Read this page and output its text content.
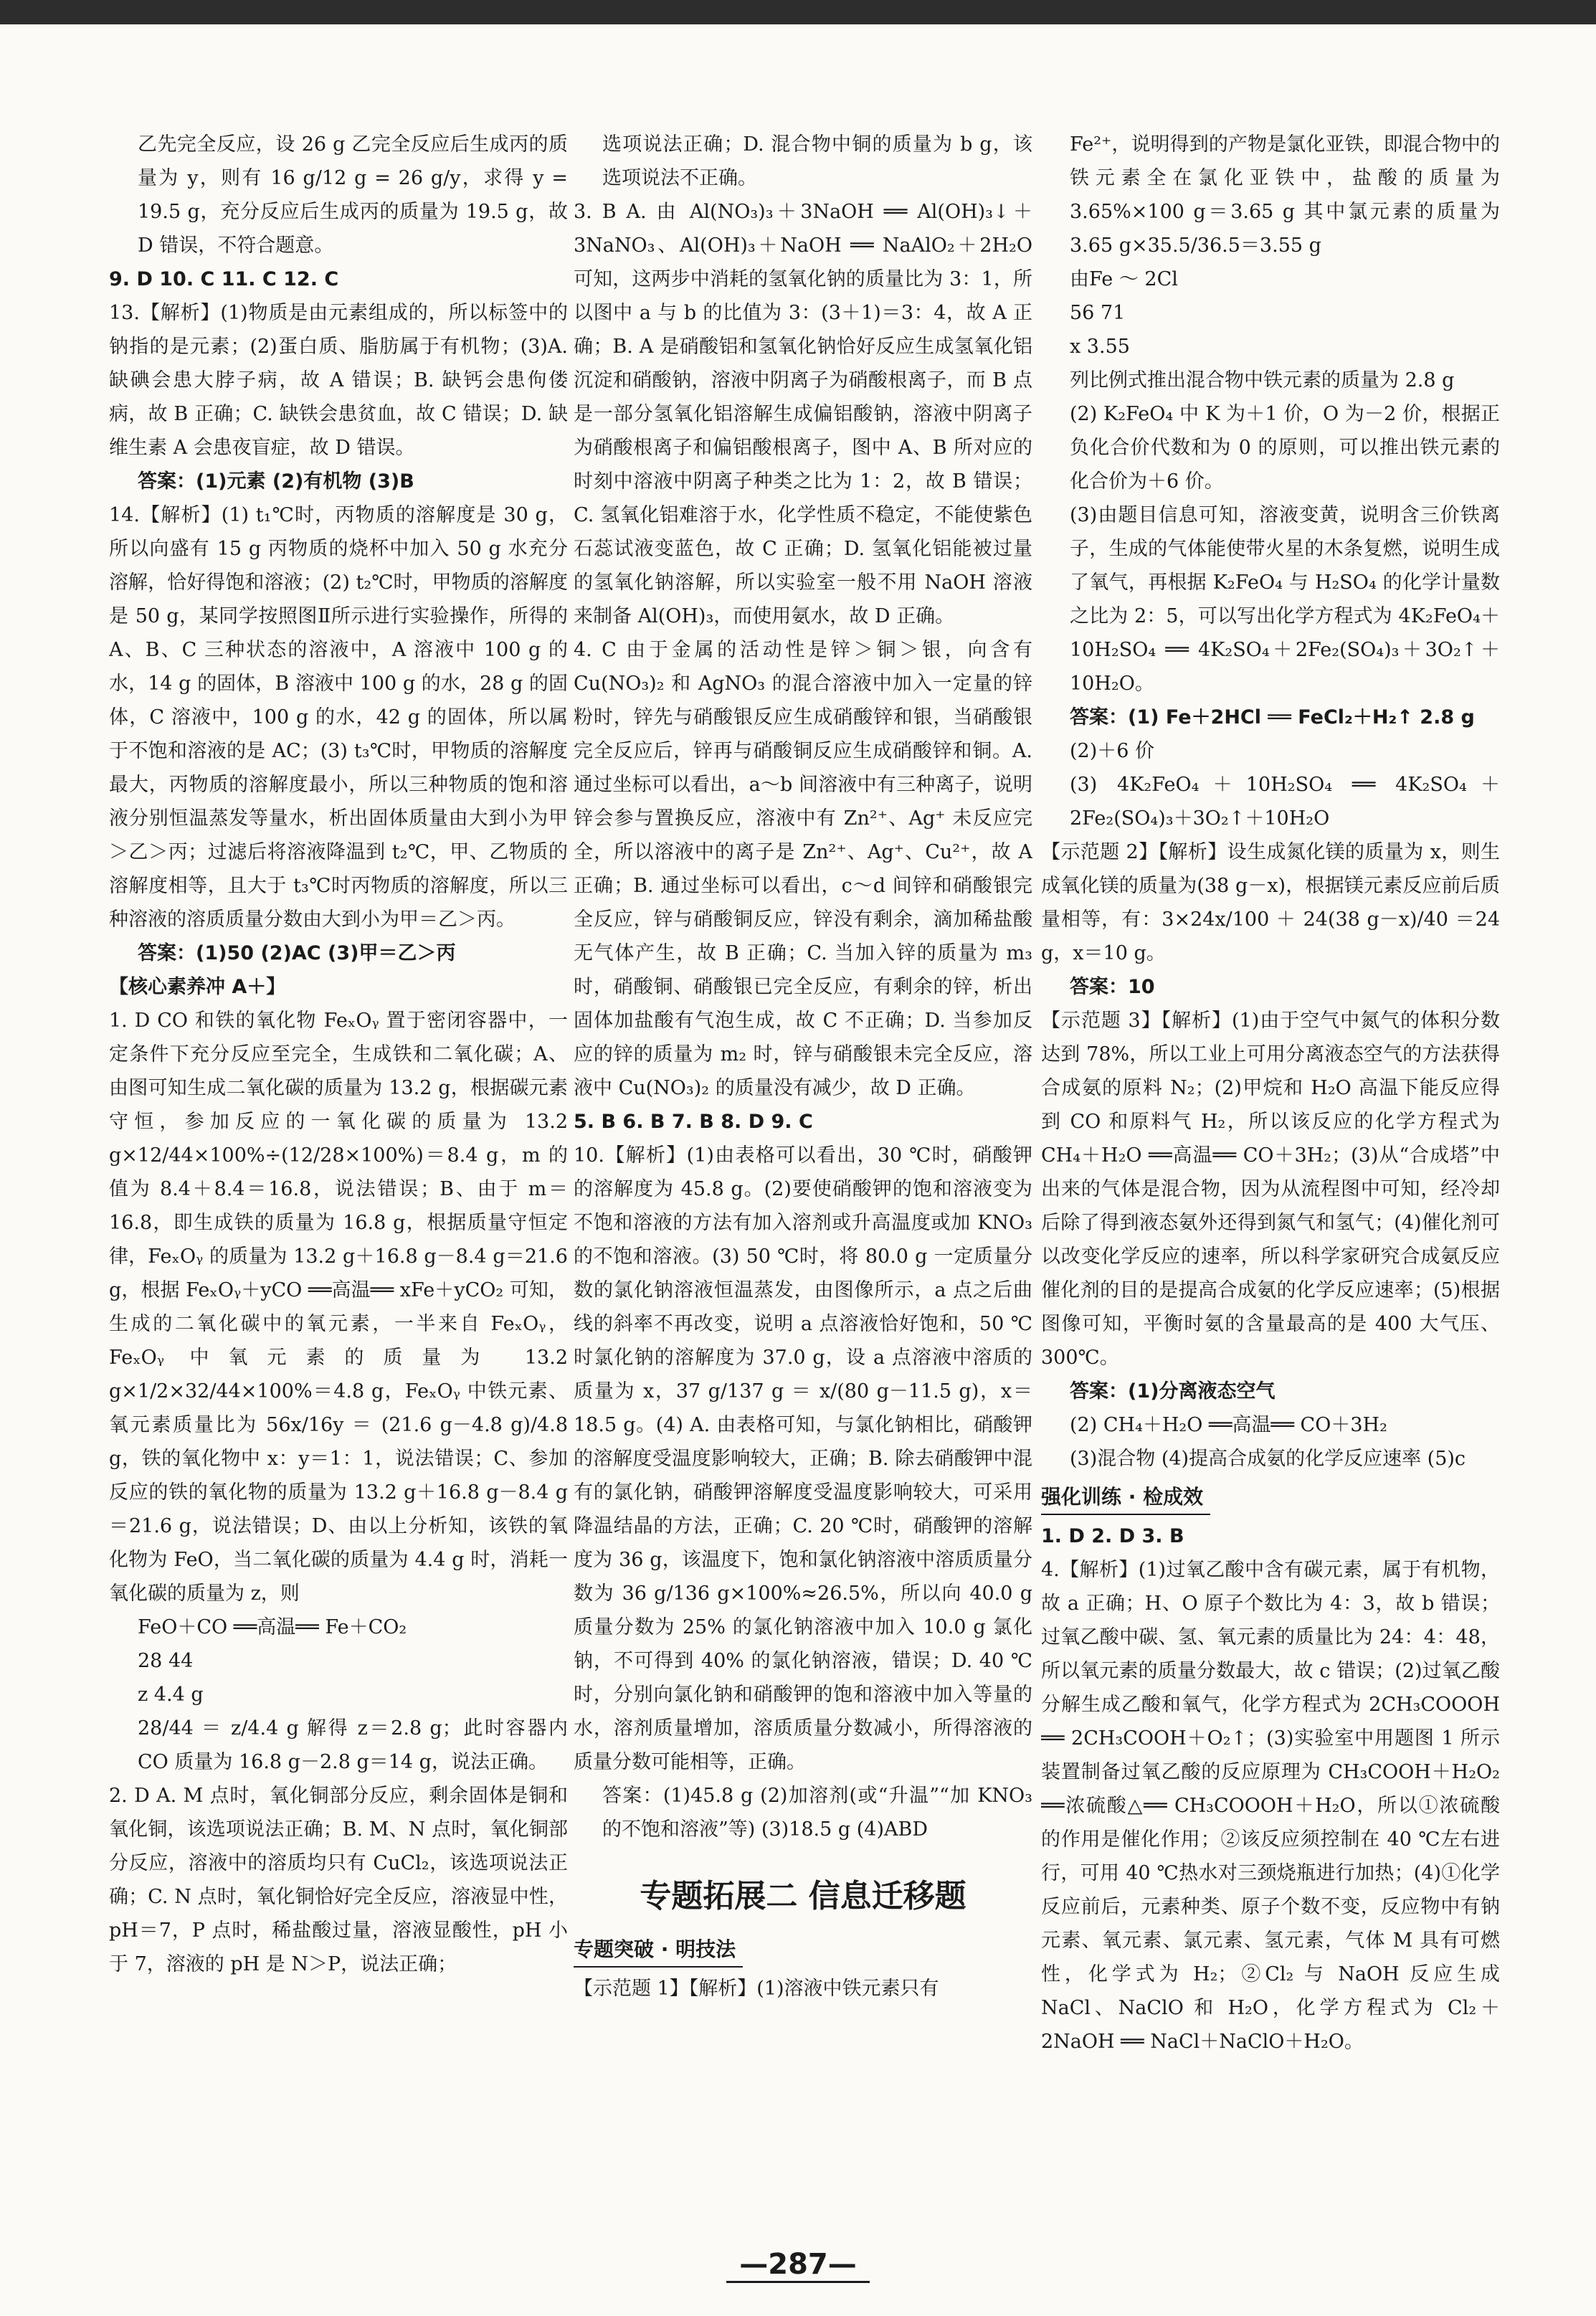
乙先完全反应，设 26 g 乙完全反应后生成丙的质量为 y，则有 16 g/12 g = 26 g/y，求得 y = 19.5 g，充分反应后生成丙的质量为 19.5 g，故 D 错误，不符合题意。

9. D 10. C 11. C 12. C

13.【解析】(1)物质是由元素组成的，所以标签中的钠指的是元素；(2)蛋白质、脂肪属于有机物；(3)A. 缺碘会患大脖子病，故 A 错误；B. 缺钙会患佝偻病，故 B 正确；C. 缺铁会患贫血，故 C 错误；D. 缺维生素 A 会患夜盲症，故 D 错误。

答案：(1)元素 (2)有机物 (3)B

14.【解析】(1) t₁℃时，丙物质的溶解度是 30 g，所以向盛有 15 g 丙物质的烧杯中加入 50 g 水充分溶解，恰好得饱和溶液；(2) t₂℃时，甲物质的溶解度是 50 g，某同学按照图Ⅱ所示进行实验操作，所得的 A、B、C 三种状态的溶液中，A 溶液中 100 g 的水，14 g 的固体，B 溶液中 100 g 的水，28 g 的固体，C 溶液中，100 g 的水，42 g 的固体，所以属于不饱和溶液的是 AC；(3) t₃℃时，甲物质的溶解度最大，丙物质的溶解度最小，所以三种物质的饱和溶液分别恒温蒸发等量水，析出固体质量由大到小为甲＞乙＞丙；过滤后将溶液降温到 t₂℃，甲、乙物质的溶解度相等，且大于 t₃℃时丙物质的溶解度，所以三种溶液的溶质质量分数由大到小为甲＝乙＞丙。

答案：(1)50 (2)AC (3)甲＝乙＞丙

【核心素养冲 A＋】

1. D CO 和铁的氧化物 FeₓOᵧ 置于密闭容器中，一定条件下充分反应至完全，生成铁和二氧化碳；A、由图可知生成二氧化碳的质量为 13.2 g，根据碳元素守恒，参加反应的一氧化碳的质量为 13.2 g×12/44×100%÷(12/28×100%)＝8.4 g，m 的值为 8.4＋8.4＝16.8，说法错误；B、由于 m＝16.8，即生成铁的质量为 16.8 g，根据质量守恒定律，FeₓOᵧ 的质量为 13.2 g＋16.8 g－8.4 g＝21.6 g，根据 FeₓOᵧ＋yCO ══高温══ xFe＋yCO₂ 可知，生成的二氧化碳中的氧元素，一半来自 FeₓOᵧ，FeₓOᵧ 中氧元素的质量为 13.2 g×1/2×32/44×100%＝4.8 g，FeₓOᵧ 中铁元素、氧元素质量比为 56x/16y ＝ (21.6 g－4.8 g)/4.8 g，铁的氧化物中 x：y＝1：1，说法错误；C、参加反应的铁的氧化物的质量为 13.2 g＋16.8 g－8.4 g＝21.6 g，说法错误；D、由以上分析知，该铁的氧化物为 FeO，当二氧化碳的质量为 4.4 g 时，消耗一氧化碳的质量为 z，则

FeO＋CO ══高温══ Fe＋CO₂

28 44

z 4.4 g

28/44 ＝ z/4.4 g 解得 z＝2.8 g；此时容器内 CO 质量为 16.8 g－2.8 g＝14 g，说法正确。

2. D A. M 点时，氧化铜部分反应，剩余固体是铜和氧化铜，该选项说法正确；B. M、N 点时，氧化铜部分反应，溶液中的溶质均只有 CuCl₂，该选项说法正确；C. N 点时，氧化铜恰好完全反应，溶液显中性，pH＝7，P 点时，稀盐酸过量，溶液显酸性，pH 小于 7，溶液的 pH 是 N＞P，说法正确；

选项说法正确；D. 混合物中铜的质量为 b g，该选项说法不正确。

3. B A. 由 Al(NO₃)₃＋3NaOH ══ Al(OH)₃↓＋3NaNO₃、Al(OH)₃＋NaOH ══ NaAlO₂＋2H₂O 可知，这两步中消耗的氢氧化钠的质量比为 3：1，所以图中 a 与 b 的比值为 3：(3＋1)＝3：4，故 A 正确；B. A 是硝酸铝和氢氧化钠恰好反应生成氢氧化铝沉淀和硝酸钠，溶液中阴离子为硝酸根离子，而 B 点是一部分氢氧化铝溶解生成偏铝酸钠，溶液中阴离子为硝酸根离子和偏铝酸根离子，图中 A、B 所对应的时刻中溶液中阴离子种类之比为 1：2，故 B 错误；C. 氢氧化铝难溶于水，化学性质不稳定，不能使紫色石蕊试液变蓝色，故 C 正确；D. 氢氧化铝能被过量的氢氧化钠溶解，所以实验室一般不用 NaOH 溶液来制备 Al(OH)₃，而使用氨水，故 D 正确。

4. C 由于金属的活动性是锌＞铜＞银，向含有 Cu(NO₃)₂ 和 AgNO₃ 的混合溶液中加入一定量的锌粉时，锌先与硝酸银反应生成硝酸锌和银，当硝酸银完全反应后，锌再与硝酸铜反应生成硝酸锌和铜。A. 通过坐标可以看出，a～b 间溶液中有三种离子，说明锌会参与置换反应，溶液中有 Zn²⁺、Ag⁺ 未反应完全，所以溶液中的离子是 Zn²⁺、Ag⁺、Cu²⁺，故 A 正确；B. 通过坐标可以看出，c～d 间锌和硝酸银完全反应，锌与硝酸铜反应，锌没有剩余，滴加稀盐酸无气体产生，故 B 正确；C. 当加入锌的质量为 m₃ 时，硝酸铜、硝酸银已完全反应，有剩余的锌，析出固体加盐酸有气泡生成，故 C 不正确；D. 当参加反应的锌的质量为 m₂ 时，锌与硝酸银未完全反应，溶液中 Cu(NO₃)₂ 的质量没有减少，故 D 正确。

5. B 6. B 7. B 8. D 9. C

10.【解析】(1)由表格可以看出，30 ℃时，硝酸钾的溶解度为 45.8 g。(2)要使硝酸钾的饱和溶液变为不饱和溶液的方法有加入溶剂或升高温度或加 KNO₃ 的不饱和溶液。(3) 50 ℃时，将 80.0 g 一定质量分数的氯化钠溶液恒温蒸发，由图像所示，a 点之后曲线的斜率不再改变，说明 a 点溶液恰好饱和，50 ℃时氯化钠的溶解度为 37.0 g，设 a 点溶液中溶质的质量为 x，37 g/137 g ＝ x/(80 g－11.5 g)，x＝18.5 g。(4) A. 由表格可知，与氯化钠相比，硝酸钾的溶解度受温度影响较大，正确；B. 除去硝酸钾中混有的氯化钠，硝酸钾溶解度受温度影响较大，可采用降温结晶的方法，正确；C. 20 ℃时，硝酸钾的溶解度为 36 g，该温度下，饱和氯化钠溶液中溶质质量分数为 36 g/136 g×100%≈26.5%，所以向 40.0 g 质量分数为 25% 的氯化钠溶液中加入 10.0 g 氯化钠，不可得到 40% 的氯化钠溶液，错误；D. 40 ℃时，分别向氯化钠和硝酸钾的饱和溶液中加入等量的水，溶剂质量增加，溶质质量分数减小，所得溶液的质量分数可能相等，正确。

答案：(1)45.8 g (2)加溶剂(或“升温”“加 KNO₃ 的不饱和溶液”等) (3)18.5 g (4)ABD

专题拓展二 信息迁移题
专题突破 · 明技法

【示范题 1】【解析】(1)溶液中铁元素只有

Fe²⁺，说明得到的产物是氯化亚铁，即混合物中的铁元素全在氯化亚铁中，盐酸的质量为 3.65%×100 g＝3.65 g 其中氯元素的质量为 3.65 g×35.5/36.5＝3.55 g

由Fe ～ 2Cl

56 71

x 3.55

列比例式推出混合物中铁元素的质量为 2.8 g

(2) K₂FeO₄ 中 K 为＋1 价，O 为－2 价，根据正负化合价代数和为 0 的原则，可以推出铁元素的化合价为＋6 价。

(3)由题目信息可知，溶液变黄，说明含三价铁离子，生成的气体能使带火星的木条复燃，说明生成了氧气，再根据 K₂FeO₄ 与 H₂SO₄ 的化学计量数之比为 2：5，可以写出化学方程式为 4K₂FeO₄＋10H₂SO₄ ══ 4K₂SO₄＋2Fe₂(SO₄)₃＋3O₂↑＋10H₂O。

答案：(1) Fe＋2HCl ══ FeCl₂＋H₂↑ 2.8 g

(2)＋6 价

(3) 4K₂FeO₄＋10H₂SO₄ ══ 4K₂SO₄＋2Fe₂(SO₄)₃＋3O₂↑＋10H₂O

【示范题 2】【解析】设生成氮化镁的质量为 x，则生成氧化镁的质量为(38 g－x)，根据镁元素反应前后质量相等，有：3×24x/100 ＋ 24(38 g－x)/40 ＝24 g，x＝10 g。

答案：10

【示范题 3】【解析】(1)由于空气中氮气的体积分数达到 78%，所以工业上可用分离液态空气的方法获得合成氨的原料 N₂；(2)甲烷和 H₂O 高温下能反应得到 CO 和原料气 H₂，所以该反应的化学方程式为 CH₄＋H₂O ══高温══ CO＋3H₂；(3)从“合成塔”中出来的气体是混合物，因为从流程图中可知，经冷却后除了得到液态氨外还得到氮气和氢气；(4)催化剂可以改变化学反应的速率，所以科学家研究合成氨反应催化剂的目的是提高合成氨的化学反应速率；(5)根据图像可知，平衡时氨的含量最高的是 400 大气压、300℃。

答案：(1)分离液态空气

(2) CH₄＋H₂O ══高温══ CO＋3H₂

(3)混合物 (4)提高合成氨的化学反应速率 (5)c

强化训练 · 检成效

1. D 2. D 3. B

4.【解析】(1)过氧乙酸中含有碳元素，属于有机物，故 a 正确；H、O 原子个数比为 4：3，故 b 错误；过氧乙酸中碳、氢、氧元素的质量比为 24：4：48，所以氧元素的质量分数最大，故 c 错误；(2)过氧乙酸分解生成乙酸和氧气，化学方程式为 2CH₃COOOH ══ 2CH₃COOH＋O₂↑；(3)实验室中用题图 1 所示装置制备过氧乙酸的反应原理为 CH₃COOH＋H₂O₂ ══浓硫酸△══ CH₃COOOH＋H₂O，所以①浓硫酸的作用是催化作用；②该反应须控制在 40 ℃左右进行，可用 40 ℃热水对三颈烧瓶进行加热；(4)①化学反应前后，元素种类、原子个数不变，反应物中有钠元素、氧元素、氯元素、氢元素，气体 M 具有可燃性，化学式为 H₂；②Cl₂ 与 NaOH 反应生成 NaCl、NaClO 和 H₂O，化学方程式为 Cl₂＋2NaOH ══ NaCl＋NaClO＋H₂O。

—287—
